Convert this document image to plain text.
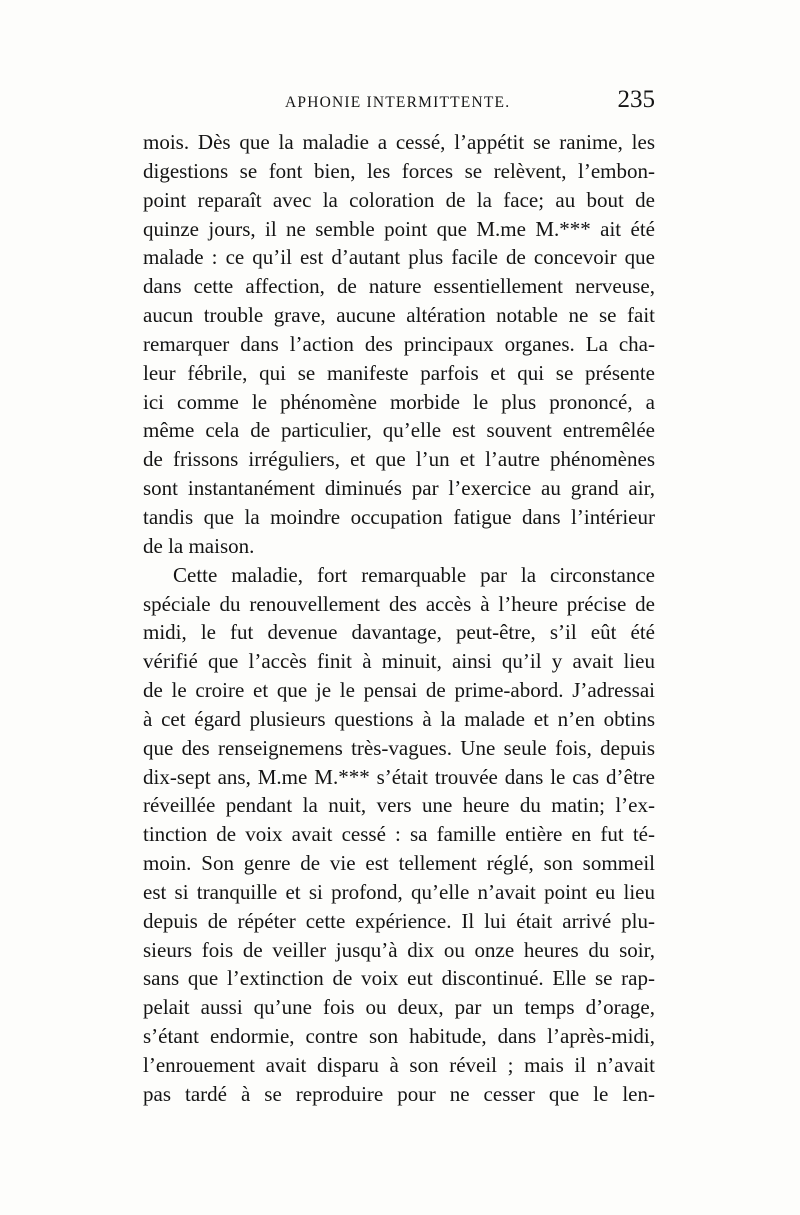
APHONIE INTERMITTENTE.	235
mois. Dès que la maladie a cessé, l’appétit se ranime, les
digestions se font bien, les forces se relèvent, l’embon-
point reparaît avec la coloration de la face; au bout de
quinze jours, il ne semble point que M.me M.*** ait été
malade : ce qu’il est d’autant plus facile de concevoir que
dans cette affection, de nature essentiellement nerveuse,
aucun trouble grave, aucune altération notable ne se fait
remarquer dans l’action des principaux organes. La cha-
leur fébrile, qui se manifeste parfois et qui se présente
ici comme le phénomène morbide le plus prononcé, a
même cela de particulier, qu’elle est souvent entremêlée
de frissons irréguliers, et que l’un et l’autre phénomènes
sont instantanément diminués par l’exercice au grand air,
tandis que la moindre occupation fatigue dans l’intérieur
de la maison.
Cette maladie, fort remarquable par la circonstance
spéciale du renouvellement des accès à l’heure précise de
midi, le fut devenue davantage, peut-être, s’il eût été
vérifié que l’accès finit à minuit, ainsi qu’il y avait lieu
de le croire et que je le pensai de prime-abord. J’adressai
à cet égard plusieurs questions à la malade et n’en obtins
que des renseignemens très-vagues. Une seule fois, depuis
dix-sept ans, M.me M.*** s’était trouvée dans le cas d’être
réveillée pendant la nuit, vers une heure du matin; l’ex-
tinction de voix avait cessé : sa famille entière en fut té-
moin. Son genre de vie est tellement réglé, son sommeil
est si tranquille et si profond, qu’elle n’avait point eu lieu
depuis de répéter cette expérience. Il lui était arrivé plu-
sieurs fois de veiller jusqu’à dix ou onze heures du soir,
sans que l’extinction de voix eut discontinué. Elle se rap-
pelait aussi qu’une fois ou deux, par un temps d’orage,
s’étant endormie, contre son habitude, dans l’après-midi,
l’enrouement avait disparu à son réveil ; mais il n’avait
pas tardé à se reproduire pour ne cesser que le len-
